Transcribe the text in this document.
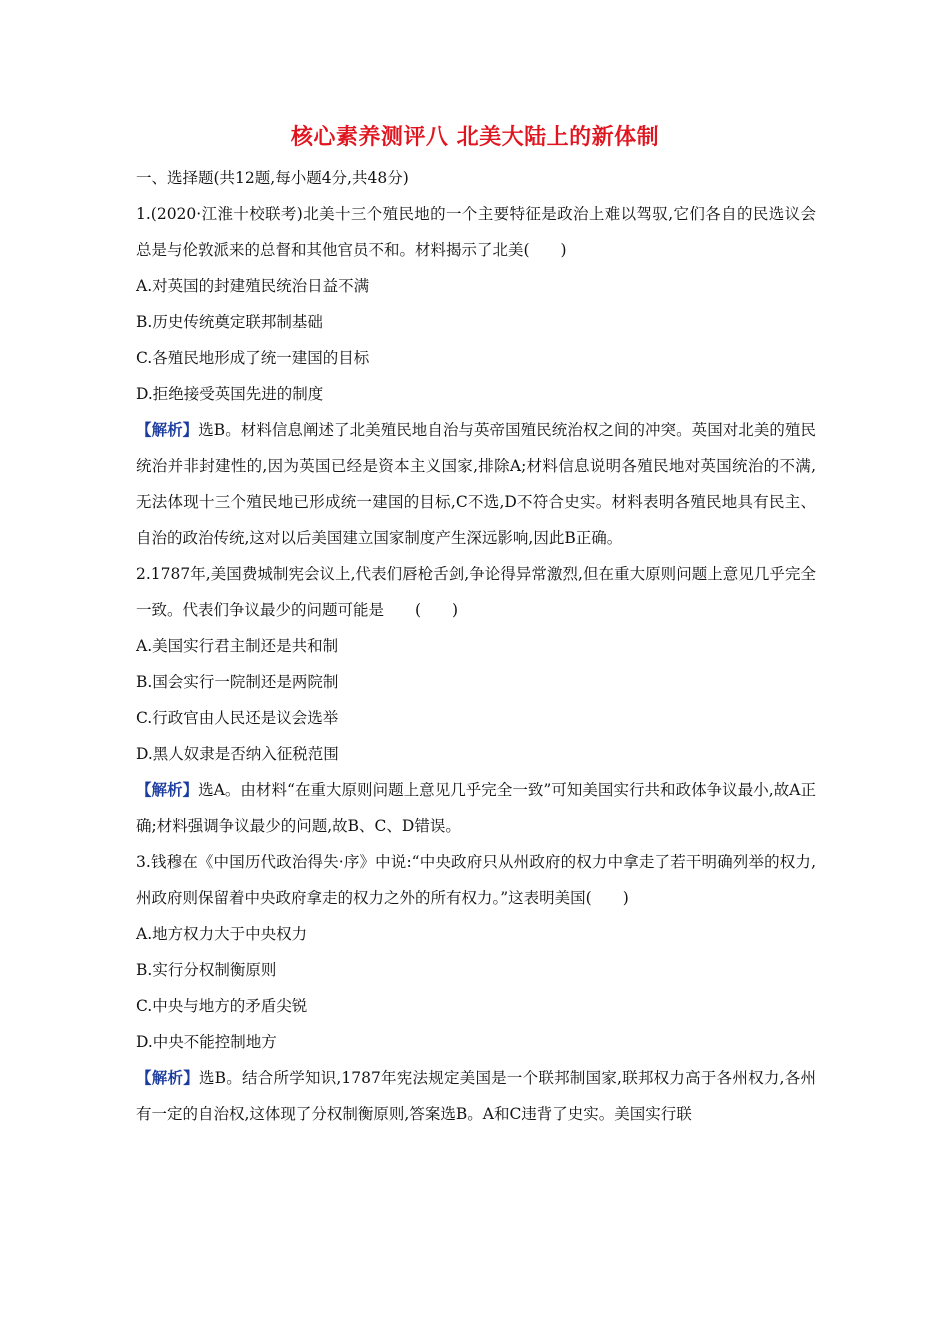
核心素养测评八 北美大陆上的新体制
一、选择题(共12题,每小题4分,共48分)
1.(2020·江淮十校联考)北美十三个殖民地的一个主要特征是政治上难以驾驭,它们各自的民选议会总是与伦敦派来的总督和其他官员不和。材料揭示了北美(　　)
A.对英国的封建殖民统治日益不满
B.历史传统奠定联邦制基础
C.各殖民地形成了统一建国的目标
D.拒绝接受英国先进的制度
【解析】选B。材料信息阐述了北美殖民地自治与英帝国殖民统治权之间的冲突。英国对北美的殖民统治并非封建性的,因为英国已经是资本主义国家,排除A;材料信息说明各殖民地对英国统治的不满,无法体现十三个殖民地已形成统一建国的目标,C不选,D不符合史实。材料表明各殖民地具有民主、自治的政治传统,这对以后美国建立国家制度产生深远影响,因此B正确。
2.1787年,美国费城制宪会议上,代表们唇枪舌剑,争论得异常激烈,但在重大原则问题上意见几乎完全一致。代表们争议最少的问题可能是　　(　　)
A.美国实行君主制还是共和制
B.国会实行一院制还是两院制
C.行政官由人民还是议会选举
D.黑人奴隶是否纳入征税范围
【解析】选A。由材料“在重大原则问题上意见几乎完全一致”可知美国实行共和政体争议最小,故A正确;材料强调争议最少的问题,故B、C、D错误。
3.钱穆在《中国历代政治得失·序》中说:“中央政府只从州政府的权力中拿走了若干明确列举的权力,州政府则保留着中央政府拿走的权力之外的所有权力。”这表明美国(　　)
A.地方权力大于中央权力
B.实行分权制衡原则
C.中央与地方的矛盾尖锐
D.中央不能控制地方
【解析】选B。结合所学知识,1787年宪法规定美国是一个联邦制国家,联邦权力高于各州权力,各州有一定的自治权,这体现了分权制衡原则,答案选B。A和C违背了史实。美国实行联
